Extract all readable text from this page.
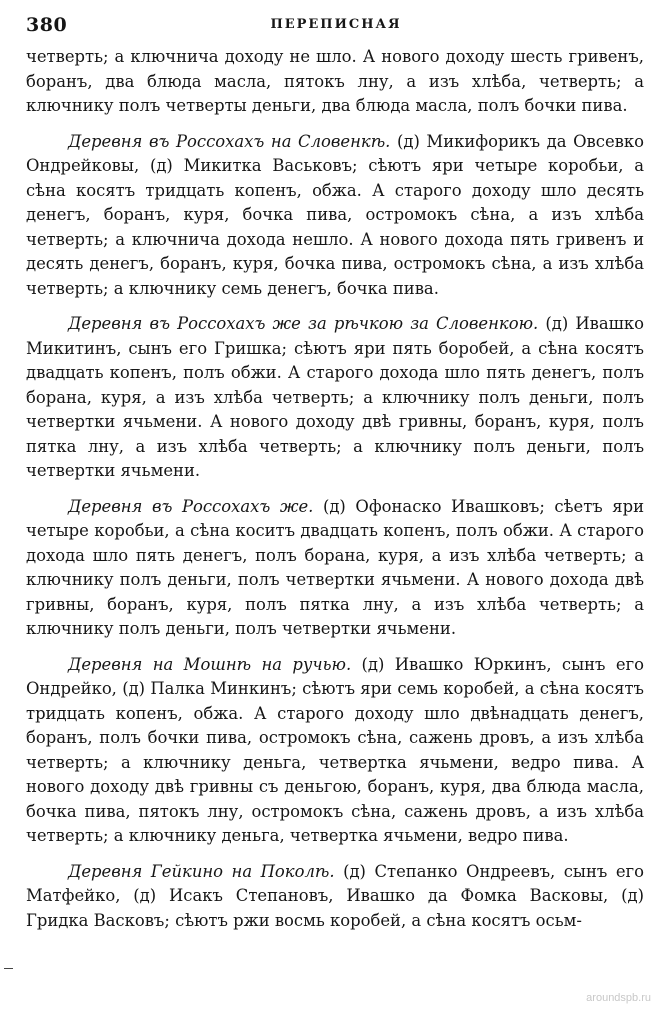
380	ПЕРЕПИСНАЯ

четверть; а ключнича доходу не шло. А нового доходу шесть гривенъ, боранъ, два блюда масла, пятокъ лну, а изъ хлѣба, четверть; а ключнику полъ четверты деньги, два блюда масла, полъ бочки пива.

Деревня въ Россохахъ на Словенкѣ. (д) Микифорикъ да Овсевко Ондрейковы, (д) Микитка Васьковъ; сѣютъ яри четыре коробьи, а сѣна косятъ тридцать копенъ, обжа. А старого доходу шло десять денегъ, боранъ, куря, бочка пива, остромокъ сѣна, а изъ хлѣба четверть; а ключнича дохода нешло. А нового дохода пять гривенъ и десять денегъ, боранъ, куря, бочка пива, остромокъ сѣна, а изъ хлѣба четверть; а ключнику семь денегъ, бочка пива.

Деревня въ Россохахъ же за рѣчкою за Словенкою. (д) Ивашко Микитинъ, сынъ его Гришка; сѣютъ яри пять боробей, а сѣна косятъ двадцать копенъ, полъ обжи. А старого дохода шло пять денегъ, полъ борана, куря, а изъ хлѣба четверть; а ключнику полъ деньги, полъ четвертки ячьмени. А нового доходу двѣ гривны, боранъ, куря, полъ пятка лну, а изъ хлѣба четверть; а ключнику полъ деньги, полъ четвертки ячьмени.

Деревня въ Россохахъ же. (д) Офонаско Ивашковъ; сѣетъ яри четыре коробьи, а сѣна коситъ двадцать копенъ, полъ обжи. А старого дохода шло пять денегъ, полъ борана, куря, а изъ хлѣба четверть; а ключнику полъ деньги, полъ четвертки ячьмени. А нового дохода двѣ гривны, боранъ, куря, полъ пятка лну, а изъ хлѣба четверть; а ключнику полъ деньги, полъ четвертки ячьмени.

Деревня на Мошнѣ на ручью. (д) Ивашко Юркинъ, сынъ его Ондрейко, (д) Палка Минкинъ; сѣютъ яри семь коробей, а сѣна косятъ тридцать копенъ, обжа. А старого доходу шло двѣнадцать денегъ, боранъ, полъ бочки пива, остромокъ сѣна, сажень дровъ, а изъ хлѣба четверть; а ключнику деньга, четвертка ячьмени, ведро пива. А нового доходу двѣ гривны съ деньгою, боранъ, куря, два блюда масла, бочка пива, пятокъ лну, остромокъ сѣна, сажень дровъ, а изъ хлѣба четверть; а ключнику деньга, четвертка ячьмени, ведро пива.

Деревня Гейкино на Поколѣ. (д) Степанко Ондреевъ, сынъ его Матфейко, (д) Исакъ Степановъ, Ивашко да Фомка Васковы, (д) Гридка Васковъ; сѣютъ ржи восмь коробей, а сѣна косятъ осьм-

aroundspb.ru
